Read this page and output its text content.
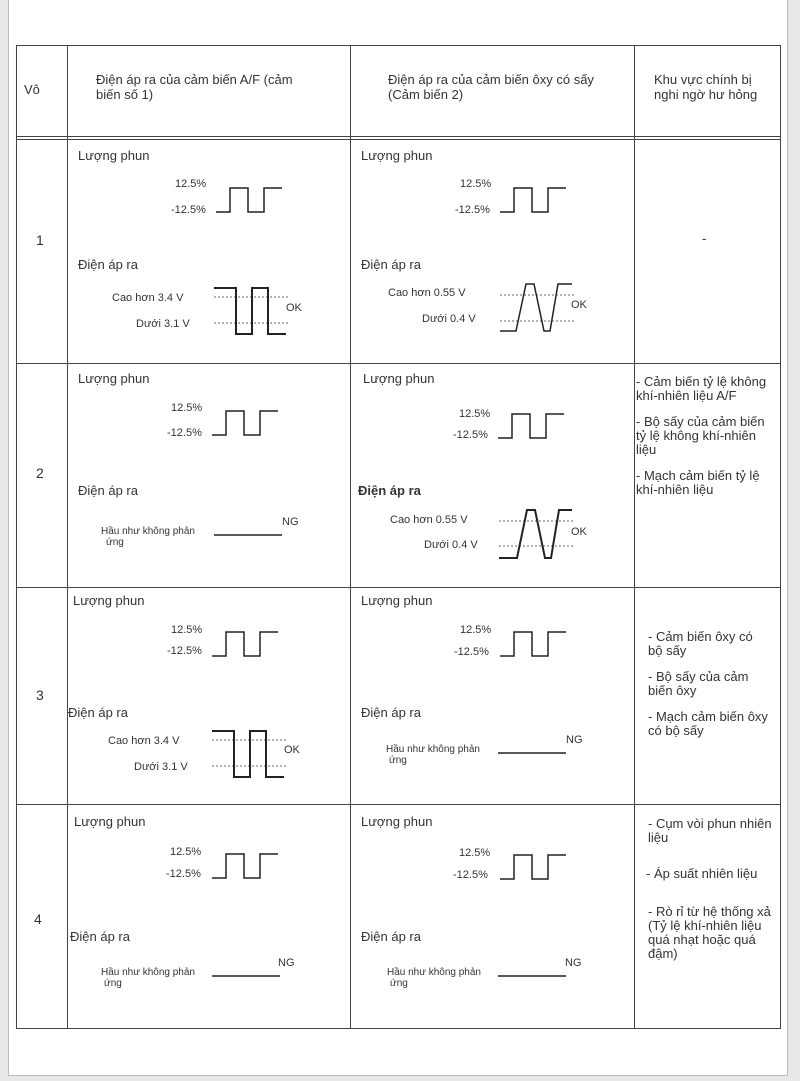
Vô
Điện áp ra của cảm biến A/F (cảm biến số 1)
Điện áp ra của cảm biến ôxy có sấy (Cảm biến 2)
Khu vực chính bị nghi ngờ hư hỏng
1
Lượng phun
12.5%
-12.5%
Điện áp ra
Cao hơn 3.4 V
Dưới 3.1 V
OK
Lượng phun
12.5%
-12.5%
Điện áp ra
Cao hơn 0.55 V
Dưới 0.4 V
OK

-

2
Lượng phun
12.5%
-12.5%
Điện áp ra
Hầu như không phản
ứng
NG
Lượng phun
12.5%
-12.5%
Điện áp ra
Cao hơn 0.55 V
Dưới 0.4 V
OK

- Cảm biến tỷ lệ không khí-nhiên liệu A/F

- Bộ sấy của cảm biến tỷ lệ không khí-nhiên liệu

- Mạch cảm biến tỷ lệ khí-nhiên liệu

3
Lượng phun
12.5%
-12.5%
Điện áp ra
Cao hơn 3.4 V
Dưới 3.1 V
OK
Lượng phun
12.5%
-12.5%
Điện áp ra
Hầu như không phản
ứng
NG

- Cảm biến ôxy có bộ sấy

- Bộ sấy của cảm biến ôxy

- Mạch cảm biến ôxy có bộ sấy

4
Lượng phun
12.5%
-12.5%
Điện áp ra
Hầu như không phản
ứng
NG
Lượng phun
12.5%
-12.5%
Điện áp ra
Hầu như không phản
ứng
NG

- Cụm vòi phun nhiên liệu

- Áp suất nhiên liệu

- Rò rỉ từ hệ thống xả (Tỷ lệ khí-nhiên liệu quá nhạt hoặc quá đậm)
